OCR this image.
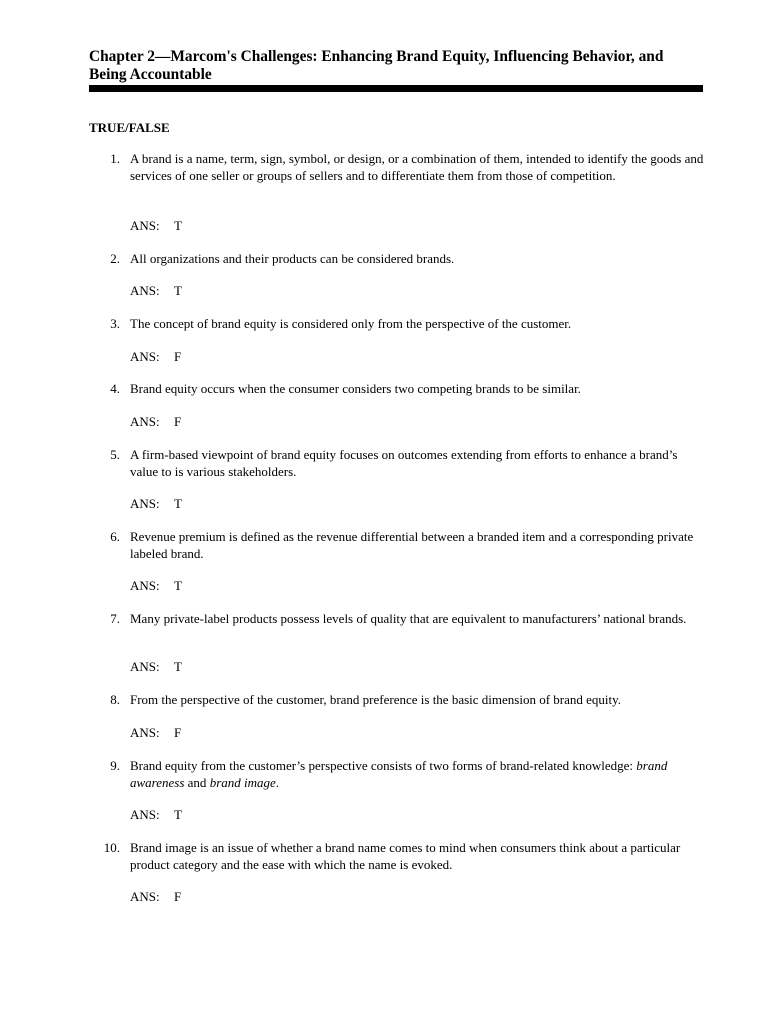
Chapter 2—Marcom's Challenges: Enhancing Brand Equity, Influencing Behavior, and Being Accountable
TRUE/FALSE
1. A brand is a name, term, sign, symbol, or design, or a combination of them, intended to identify the goods and services of one seller or groups of sellers and to differentiate them from those of competition.
ANS: T
2. All organizations and their products can be considered brands.
ANS: T
3. The concept of brand equity is considered only from the perspective of the customer.
ANS: F
4. Brand equity occurs when the consumer considers two competing brands to be similar.
ANS: F
5. A firm-based viewpoint of brand equity focuses on outcomes extending from efforts to enhance a brand’s value to is various stakeholders.
ANS: T
6. Revenue premium is defined as the revenue differential between a branded item and a corresponding private labeled brand.
ANS: T
7. Many private-label products possess levels of quality that are equivalent to manufacturers’ national brands.
ANS: T
8. From the perspective of the customer, brand preference is the basic dimension of brand equity.
ANS: F
9. Brand equity from the customer’s perspective consists of two forms of brand-related knowledge: brand awareness and brand image.
ANS: T
10. Brand image is an issue of whether a brand name comes to mind when consumers think about a particular product category and the ease with which the name is evoked.
ANS: F
